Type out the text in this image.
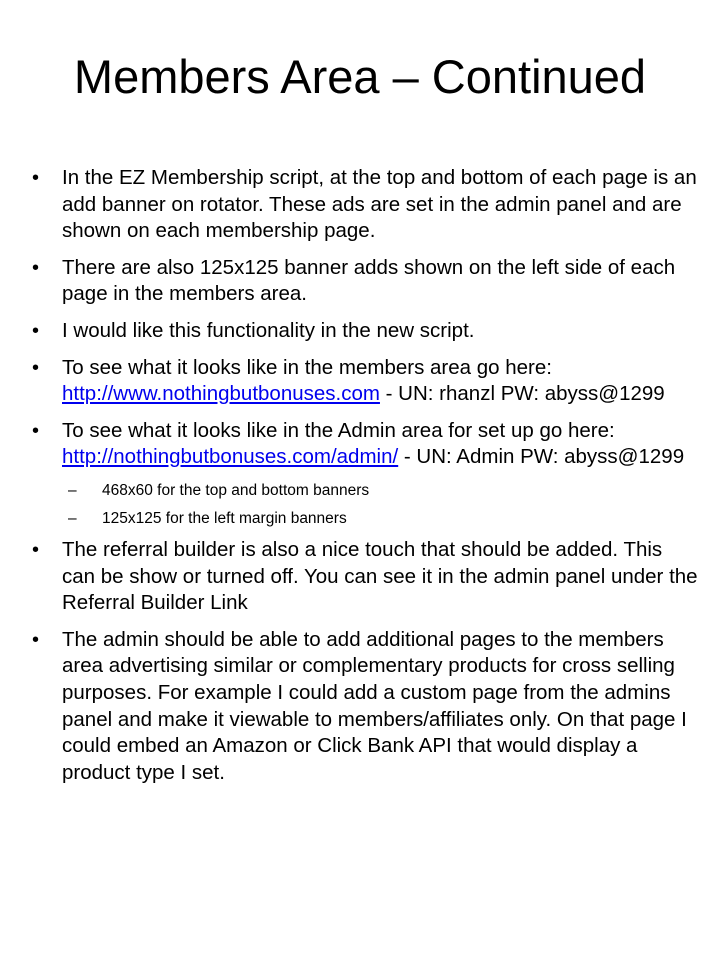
Members Area – Continued
•	In the EZ Membership script, at the top and bottom of each page is an add banner on rotator. These ads are set in the admin panel and are shown on each membership page.
•	There are also 125x125 banner adds shown on the left side of each page in the members area.
•	I would like this functionality in the new script.
•	To see what it looks like in the members area go here: http://www.nothingbutbonuses.com - UN: rhanzl PW: abyss@1299
•	To see what it looks like in the Admin area for set up go here: http://nothingbutbonuses.com/admin/ - UN: Admin PW: abyss@1299
–	468x60 for the top and bottom banners
–	125x125 for the left margin banners
•	The referral builder is also a nice touch that should be added. This can be show or turned off. You can see it in the admin panel under the Referral Builder Link
•	The admin should be able to add additional pages to the members area advertising similar or complementary products for cross selling purposes. For example I could add a custom page from the admins panel and make it viewable to members/affiliates only. On that page I could embed an Amazon or Click Bank API that would display a product type I set.
